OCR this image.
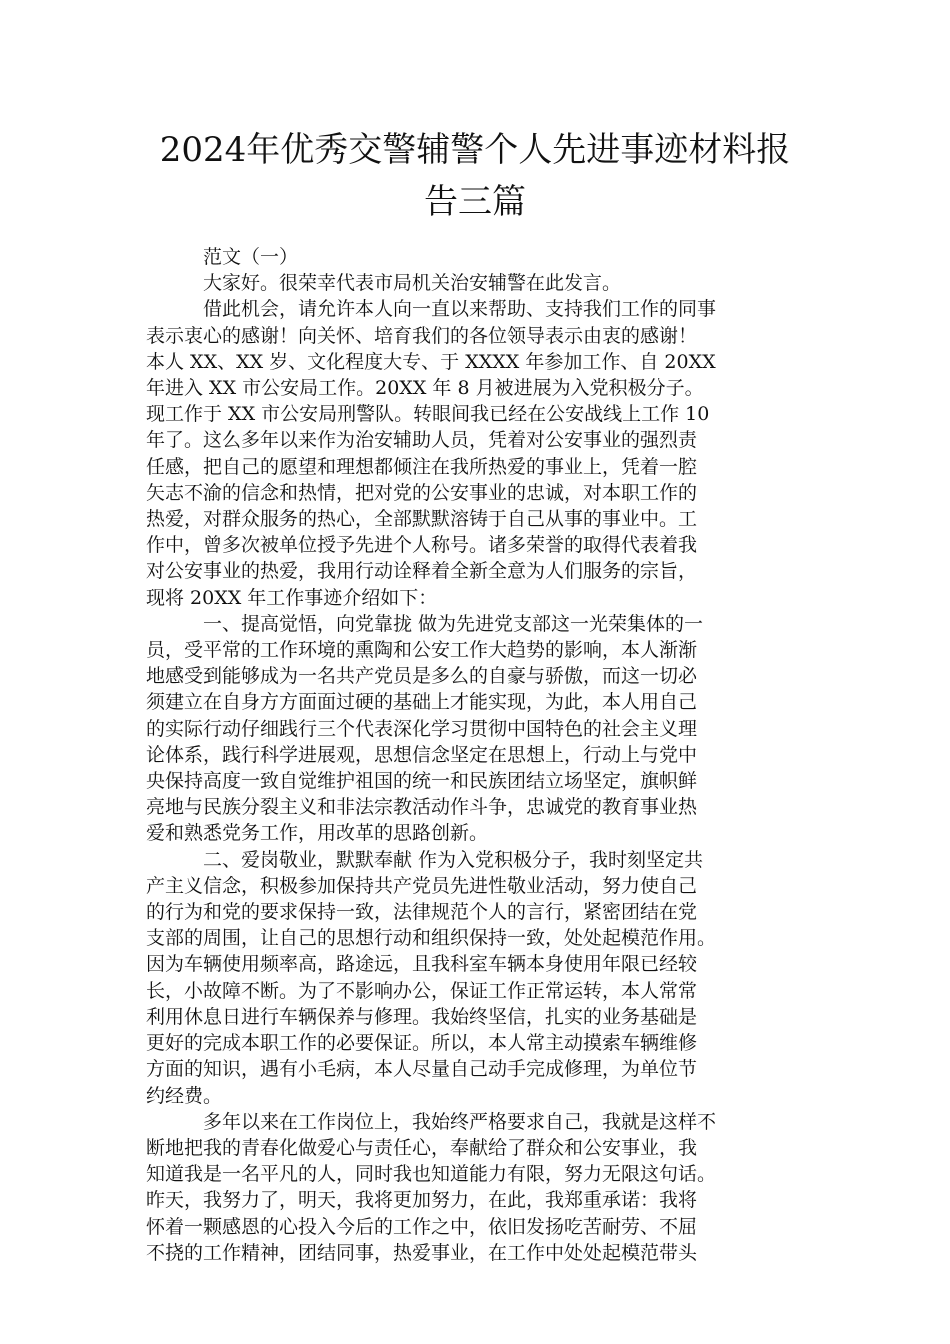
2024年优秀交警辅警个人先进事迹材料报
告三篇
范文（一）
大家好。很荣幸代表市局机关治安辅警在此发言。
借此机会，请允许本人向一直以来帮助、支持我们工作的同事
表示衷心的感谢！向关怀、培育我们的各位领导表示由衷的感谢！
本人 XX、XX 岁、文化程度大专、于 XXXX 年参加工作、自 20XX
年进入 XX 市公安局工作。20XX 年 8 月被进展为入党积极分子。
现工作于 XX 市公安局刑警队。转眼间我已经在公安战线上工作 10
年了。这么多年以来作为治安辅助人员，凭着对公安事业的强烈责
任感，把自己的愿望和理想都倾注在我所热爱的事业上，凭着一腔
矢志不渝的信念和热情，把对党的公安事业的忠诚，对本职工作的
热爱，对群众服务的热心，全部默默溶铸于自己从事的事业中。工
作中，曾多次被单位授予先进个人称号。诸多荣誉的取得代表着我
对公安事业的热爱，我用行动诠释着全新全意为人们服务的宗旨，
现将 20XX 年工作事迹介绍如下：
一、提高觉悟，向党靠拢 做为先进党支部这一光荣集体的一
员，受平常的工作环境的熏陶和公安工作大趋势的影响，本人渐渐
地感受到能够成为一名共产党员是多么的自豪与骄傲，而这一切必
须建立在自身方方面面过硬的基础上才能实现，为此，本人用自己
的实际行动仔细践行三个代表深化学习贯彻中国特色的社会主义理
论体系，践行科学进展观，思想信念坚定在思想上，行动上与党中
央保持高度一致自觉维护祖国的统一和民族团结立场坚定，旗帜鲜
亮地与民族分裂主义和非法宗教活动作斗争，忠诚党的教育事业热
爱和熟悉党务工作，用改革的思路创新。
二、爱岗敬业，默默奉献 作为入党积极分子，我时刻坚定共
产主义信念，积极参加保持共产党员先进性敬业活动，努力使自己
的行为和党的要求保持一致，法律规范个人的言行，紧密团结在党
支部的周围，让自己的思想行动和组织保持一致，处处起模范作用。
因为车辆使用频率高，路途远，且我科室车辆本身使用年限已经较
长，小故障不断。为了不影响办公，保证工作正常运转，本人常常
利用休息日进行车辆保养与修理。我始终坚信，扎实的业务基础是
更好的完成本职工作的必要保证。所以，本人常主动摸索车辆维修
方面的知识，遇有小毛病，本人尽量自己动手完成修理，为单位节
约经费。
多年以来在工作岗位上，我始终严格要求自己，我就是这样不
断地把我的青春化做爱心与责任心，奉献给了群众和公安事业，我
知道我是一名平凡的人，同时我也知道能力有限，努力无限这句话。
昨天，我努力了，明天，我将更加努力，在此，我郑重承诺：我将
怀着一颗感恩的心投入今后的工作之中，依旧发扬吃苦耐劳、不屈
不挠的工作精神，团结同事，热爱事业，在工作中处处起模范带头
